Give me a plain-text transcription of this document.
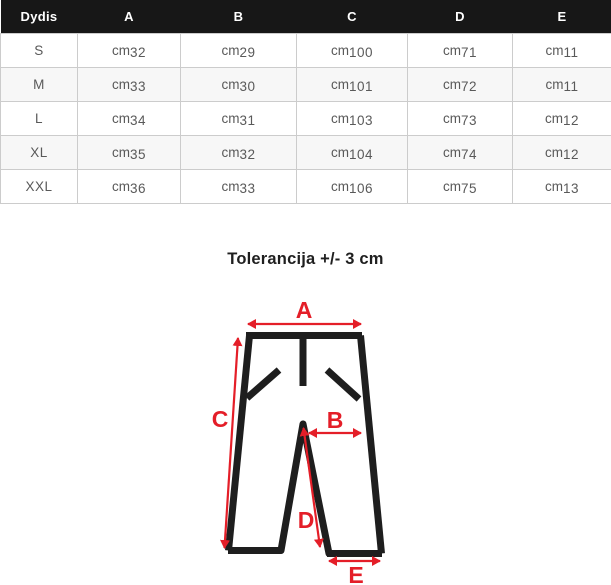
Dydis	A	B	C	D	E
S	cm32	cm29	cm100	cm71	cm11
M	cm33	cm30	cm101	cm72	cm11
L	cm34	cm31	cm103	cm73	cm12
XL	cm35	cm32	cm104	cm74	cm12
XXL	cm36	cm33	cm106	cm75	cm13
Tolerancija +/- 3 cm
A
B
C
D
E
